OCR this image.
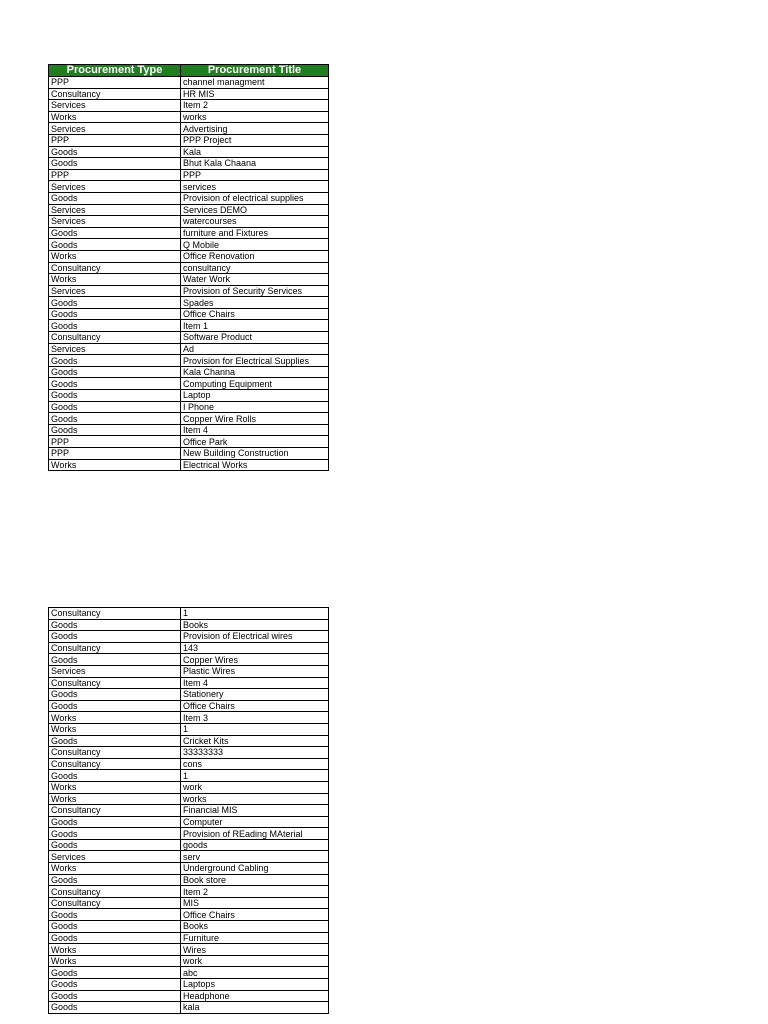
Procurement Type	Procurement Title
PPP	channel managment
Consultancy	HR MIS
Services	Item 2
Works	works
Services	Advertising
PPP	PPP Project
Goods	Kala
Goods	Bhut Kala Chaana
PPP	PPP
Services	services
Goods	Provision of electrical supplies
Services	Services DEMO
Services	watercourses
Goods	furniture and Fixtures
Goods	Q Mobile
Works	Office Renovation
Consultancy	consultancy
Works	Water Work
Services	Provision of Security Services
Goods	Spades
Goods	Office Chairs
Goods	Item 1
Consultancy	Software Product
Services	Ad
Goods	Provision for Electrical Supplies
Goods	Kala Channa
Goods	Computing Equipment
Goods	Laptop
Goods	I Phone
Goods	Copper Wire Rolls
Goods	Item 4
PPP	Office Park
PPP	New Building Construction
Works	Electrical Works
Consultancy	1
Goods	Books
Goods	Provision of Electrical wires
Consultancy	143
Goods	Copper Wires
Services	Plastic Wires
Consultancy	Item 4
Goods	Stationery
Goods	Office Chairs
Works	Item 3
Works	1
Goods	Cricket Kits
Consultancy	33333333
Consultancy	cons
Goods	1
Works	work
Works	works
Consultancy	Financial MIS
Goods	Computer
Goods	Provision of REading MAterial
Goods	goods
Services	serv
Works	Underground Cabling
Goods	Book store
Consultancy	Item 2
Consultancy	MIS
Goods	Office Chairs
Goods	Books
Goods	Furniture
Works	Wires
Works	work
Goods	abc
Goods	Laptops
Goods	Headphone
Goods	kala
